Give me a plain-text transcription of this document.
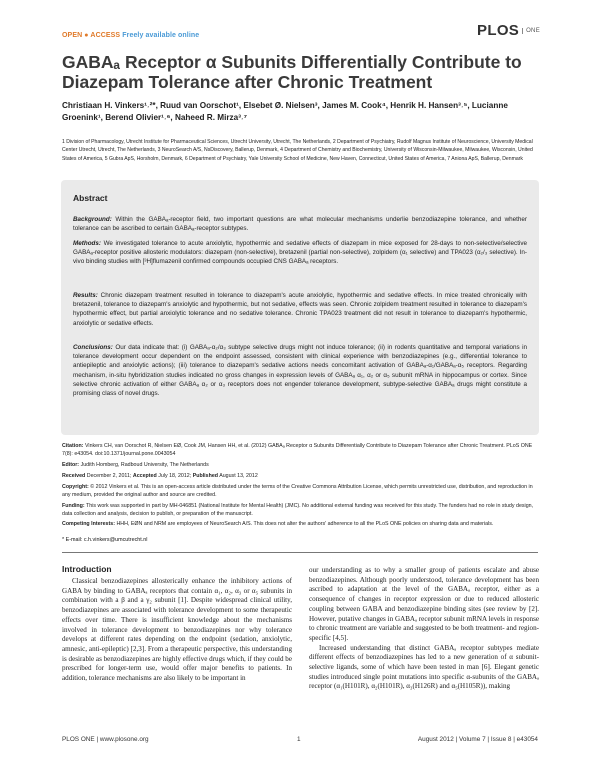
OPEN ● ACCESS Freely available online	PLOS	ONE
GABAₐ Receptor α Subunits Differentially Contribute to Diazepam Tolerance after Chronic Treatment
Christiaan H. Vinkers¹˒²*, Ruud van Oorschot¹, Elsebet Ø. Nielsen³, James M. Cook⁴, Henrik H. Hansen³˒⁵, Lucianne Groenink¹, Berend Olivier¹˒⁶, Naheed R. Mirza³˒⁷
1 Division of Pharmacology, Utrecht Institute for Pharmaceutical Sciences, Utrecht University, Utrecht, The Netherlands, 2 Department of Psychiatry, Rudolf Magnus Institute of Neuroscience, University Medical Center Utrecht, Utrecht, The Netherlands, 3 NeuroSearch A/S, NsDiscovery, Ballerup, Denmark, 4 Department of Chemistry and Biochemistry, University of Wisconsin-Milwaukee, Milwaukee, Wisconsin, United States of America, 5 Gubra ApS, Horsholm, Denmark, 6 Department of Psychiatry, Yale University School of Medicine, New Haven, Connecticut, United States of America, 7 Aniona ApS, Ballerup, Denmark
Abstract
Background: Within the GABAₐ-receptor field, two important questions are what molecular mechanisms underlie benzodiazepine tolerance, and whether tolerance can be ascribed to certain GABAₐ-receptor subtypes.
Methods: We investigated tolerance to acute anxiolytic, hypothermic and sedative effects of diazepam in mice exposed for 28-days to non-selective/selective GABAₐ-receptor positive allosteric modulators: diazepam (non-selective), bretazenil (partial non-selective), zolpidem (α₁ selective) and TPA023 (α₂/₃ selective). In-vivo binding studies with [³H]flumazenil confirmed compounds occupied CNS GABAₐ receptors.
Results: Chronic diazepam treatment resulted in tolerance to diazepam's acute anxiolytic, hypothermic and sedative effects. In mice treated chronically with bretazenil, tolerance to diazepam's anxiolytic and hypothermic, but not sedative, effects was seen. Chronic zolpidem treatment resulted in tolerance to diazepam's hypothermic effect, but partial anxiolytic tolerance and no sedative tolerance. Chronic TPA023 treatment did not result in tolerance to diazepam's hypothermic, anxiolytic or sedative effects.
Conclusions: Our data indicate that: (i) GABAₐ-α₂/α₃ subtype selective drugs might not induce tolerance; (ii) in rodents quantitative and temporal variations in tolerance development occur dependent on the endpoint assessed, consistent with clinical experience with benzodiazepines (e.g., differential tolerance to antiepileptic and anxiolytic actions); (iii) tolerance to diazepam's sedative actions needs concomitant activation of GABAₐ-α₁/GABAₐ-α₅ receptors. Regarding mechanism, in-situ hybridization studies indicated no gross changes in expression levels of GABAₐ α₁, α₂ or α₅ subunit mRNA in hippocampus or cortex. Since selective chronic activation of either GABAₐ α₂ or α₃ receptors does not engender tolerance development, subtype-selective GABAₐ drugs might constitute a promising class of novel drugs.
Citation: Vinkers CH, van Oorschot R, Nielsen EØ, Cook JM, Hansen HH, et al. (2012) GABAₐ Receptor α Subunits Differentially Contribute to Diazepam Tolerance after Chronic Treatment. PLoS ONE 7(8): e43054. doi:10.1371/journal.pone.0043054
Editor: Judith Homberg, Radboud University, The Netherlands
Received December 2, 2011; Accepted July 18, 2012; Published August 13, 2012
Copyright: © 2012 Vinkers et al. This is an open-access article distributed under the terms of the Creative Commons Attribution License, which permits unrestricted use, distribution, and reproduction in any medium, provided the original author and source are credited.
Funding: This work was supported in part by MH-046851 (National Institute for Mental Health) (JMC). No additional external funding was received for this study. The funders had no role in study design, data collection and analysis, decision to publish, or preparation of the manuscript.
Competing Interests: HHH, EØN and NRM are employees of NeuroSearch A/S. This does not alter the authors' adherence to all the PLoS ONE policies on sharing data and materials.
* E-mail: c.h.vinkers@umcutrecht.nl
Introduction

Classical benzodiazepines allosterically enhance the inhibitory actions of GABA by binding to GABAₐ receptors that contain α₁, α₂, α₃ or α₅ subunits in combination with a β and a γ₂ subunit [1]. Despite widespread clinical utility, benzodiazepines are associated with tolerance development to some therapeutic effects over time. There is insufficient knowledge about the mechanisms involved in tolerance development to benzodiazepines nor why tolerance develops at different rates depending on the endpoint (sedation, anxiolytic, amnesic, anti-epileptic) [2,3]. From a therapeutic perspective, this understanding is desirable as benzodiazepines are highly effective drugs which, if they could be prescribed for longer-term use, would offer major benefits to patients. In addition, tolerance mechanisms are also likely to be important in

our understanding as to why a smaller group of patients escalate and abuse benzodiazepines. Although poorly understood, tolerance development has been ascribed to adaptation at the level of the GABAₐ receptor, either as a consequence of changes in receptor expression or due to reduced allosteric coupling between GABA and benzodiazepine binding sites (see review by [2]. However, putative changes in GABAₐ receptor subunit mRNA levels in response to chronic treatment are variable and suggested to be both treatment- and region-specific [4,5].

Increased understanding that distinct GABAₐ receptor subtypes mediate different effects of benzodiazepines has led to a new generation of α subunit-selective ligands, some of which have been tested in man [6]. Elegant genetic studies introduced single point mutations into specific α-subunits of the GABAₐ receptor (α₁(H101R), α₂(H101R), α₃(H126R) and α₅(H105R)), making

PLOS ONE | www.plosone.org	1	August 2012 | Volume 7 | Issue 8 | e43054
